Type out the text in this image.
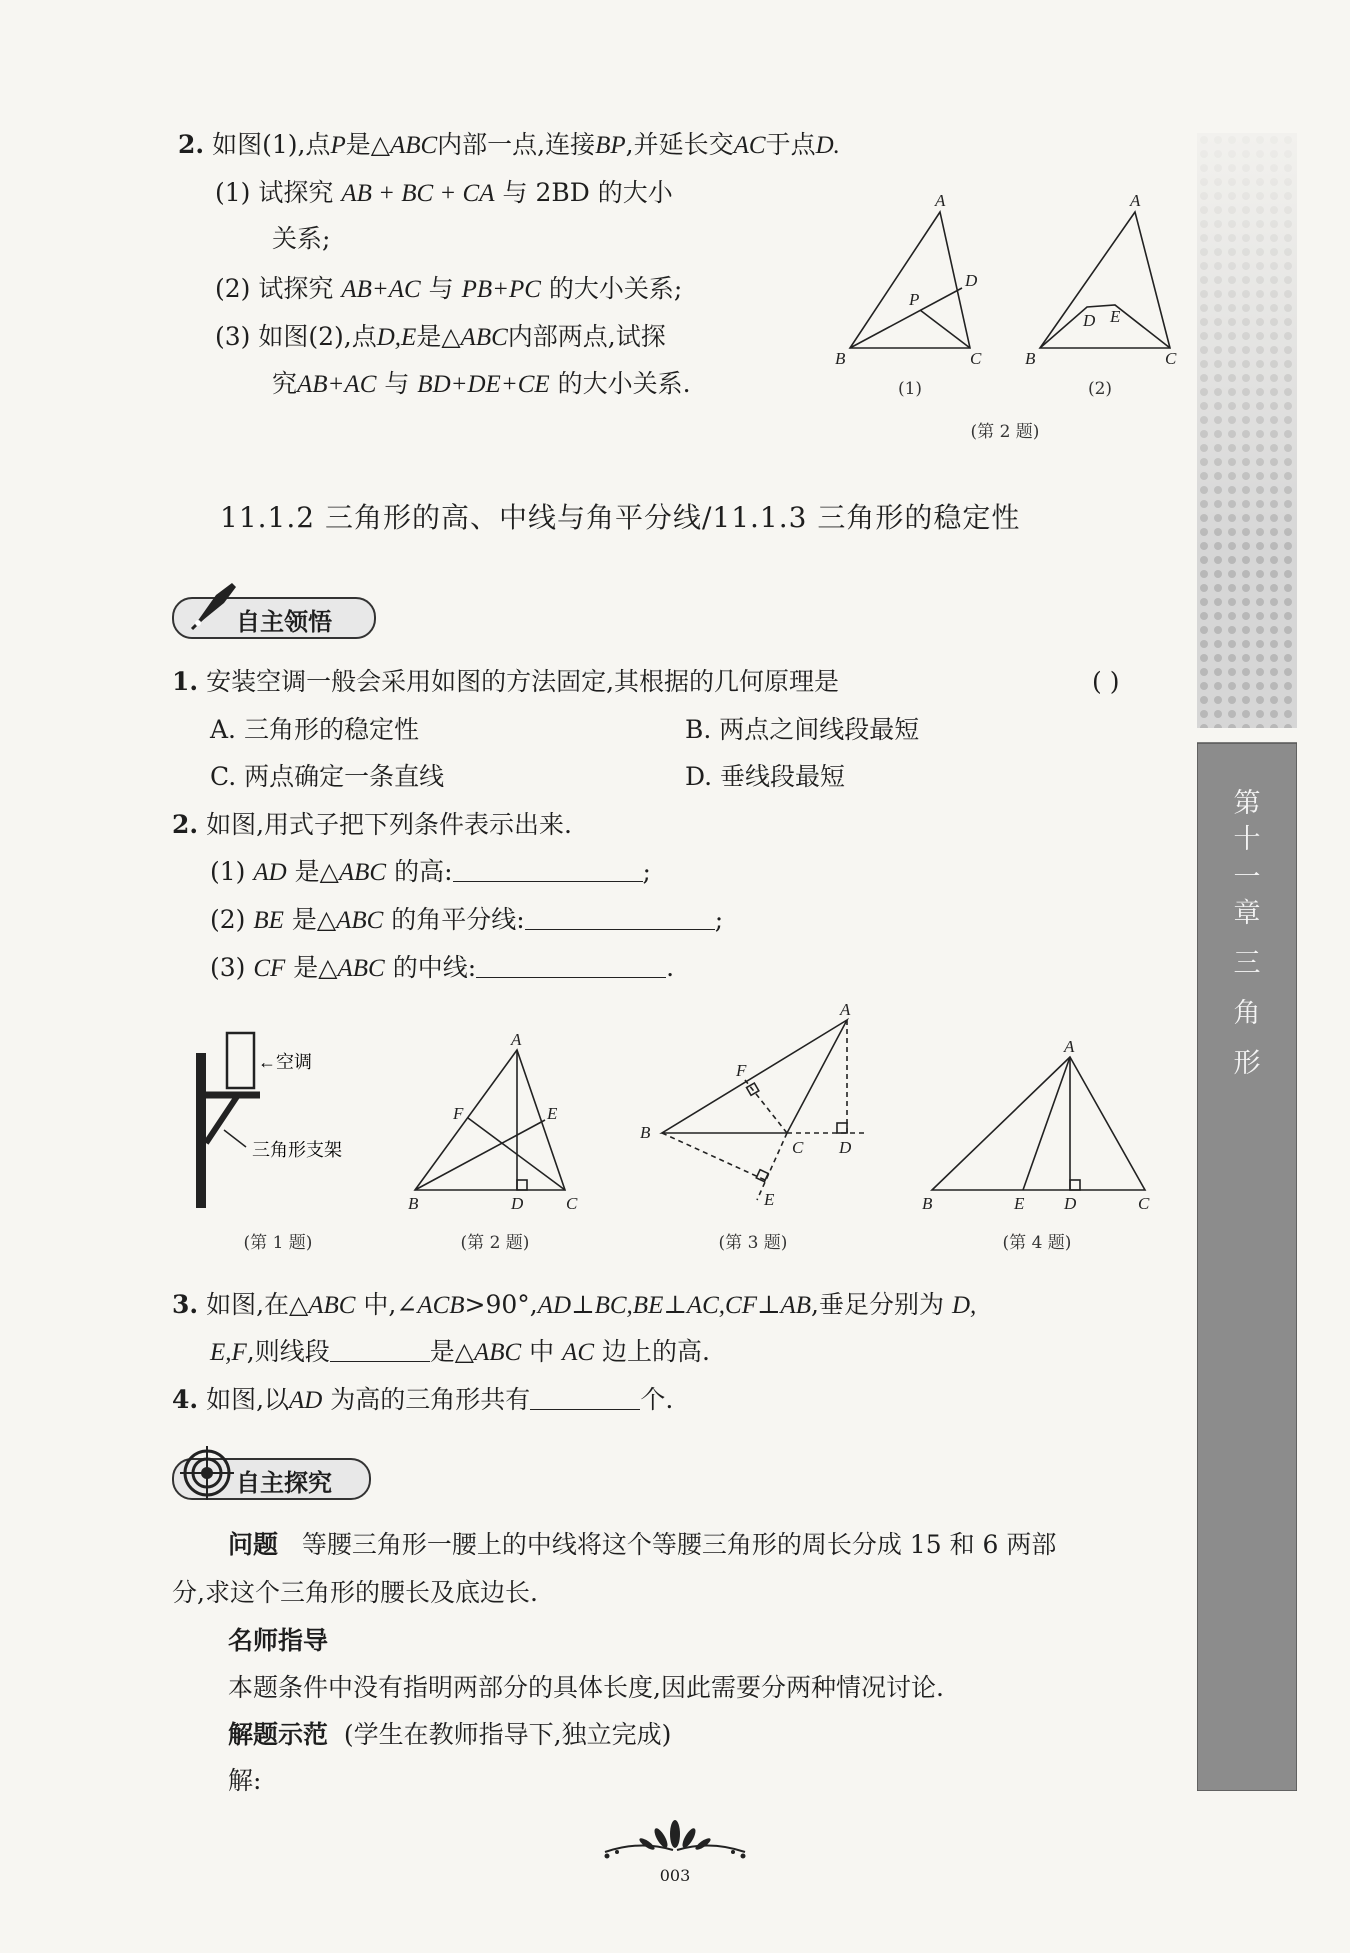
第
十
一
章
三
角
形
2. 如图(1),点P是△ABC内部一点,连接BP,并延长交AC于点D.
(1) 试探究 AB + BC + CA 与 2BD 的大小
关系;
(2) 试探究 AB+AC 与 PB+PC 的大小关系;
(3) 如图(2),点D,E是△ABC内部两点,试探
究AB+AC 与 BD+DE+CE 的大小关系.
A
D
P
B	C
A
D E
B	C
(1)	(2)
(第 2 题)
11.1.2 三角形的高、中线与角平分线/11.1.3 三角形的稳定性
自主领悟
1. 安装空调一般会采用如图的方法固定,其根据的几何原理是	( )
A. 三角形的稳定性	B. 两点之间线段最短
C. 两点确定一条直线	D. 垂线段最短
2. 如图,用式子把下列条件表示出来.
(1) AD 是△ABC 的高:	;
(2) BE 是△ABC 的角平分线:	;
(3) CF 是△ABC 的中线:	.
←空调
三角形支架
A
F	E
B	D	C
A
F
B
C D
E
A
B	E D	C
(第 1 题)	(第 2 题)	(第 3 题)	(第 4 题)
3. 如图,在△ABC 中,∠ACB>90°,AD⊥BC,BE⊥AC,CF⊥AB,垂足分别为 D,
E,F,则线段	是△ABC 中 AC 边上的高.
4. 如图,以AD 为高的三角形共有	个.
自主探究
问题 等腰三角形一腰上的中线将这个等腰三角形的周长分成 15 和 6 两部
分,求这个三角形的腰长及底边长.
名师指导
本题条件中没有指明两部分的具体长度,因此需要分两种情况讨论.
解题示范 (学生在教师指导下,独立完成)
解:
003
